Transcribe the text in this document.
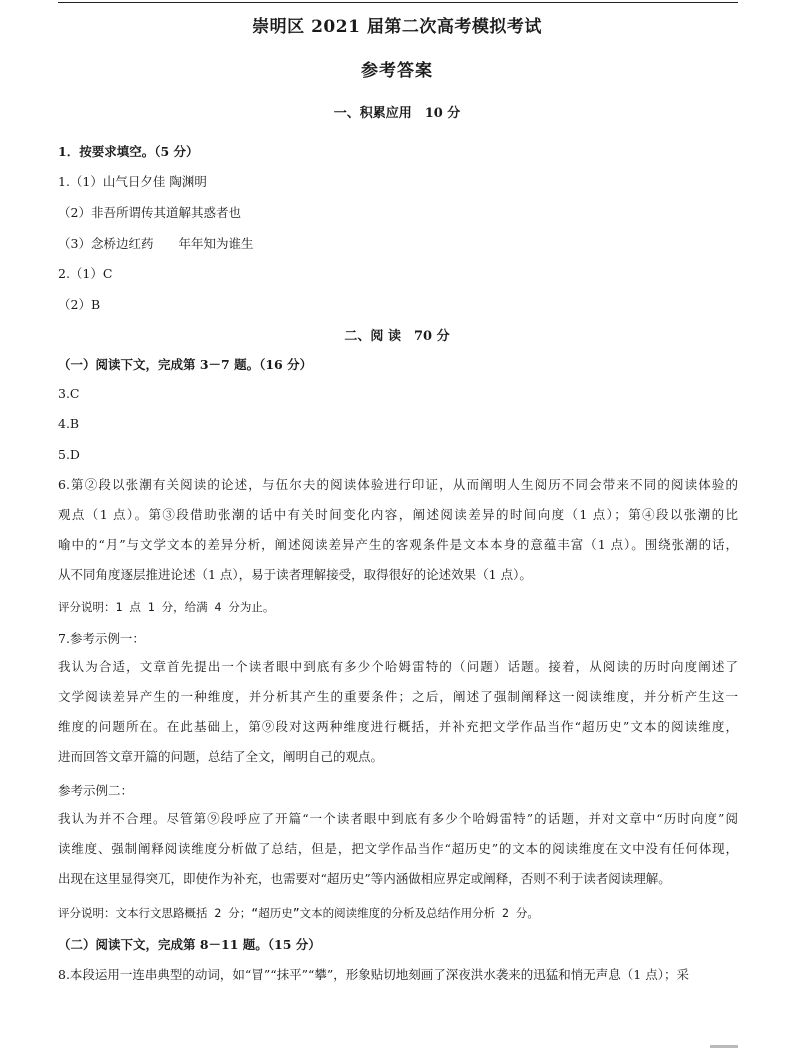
崇明区 2021 届第二次高考模拟考试
参考答案
一、积累应用　10 分
1．按要求填空。（5 分）
1.（1）山气日夕佳 陶渊明
（2）非吾所谓传其道解其惑者也
（3）念桥边红药　　年年知为谁生
2.（1）C
（2）B
二、阅 读　70 分
（一）阅读下文，完成第 3－7 题。（16 分）
3.C
4.B
5.D
6.第②段以张潮有关阅读的论述，与伍尔夫的阅读体验进行印证，从而阐明人生阅历不同会带来不同的阅读体验的
观点（1 点）。第③段借助张潮的话中有关时间变化内容，阐述阅读差异的时间向度（1 点）；第④段以张潮的比
喻中的“月”与文学文本的差异分析，阐述阅读差异产生的客观条件是文本本身的意蕴丰富（1 点）。围绕张潮的话，
从不同角度逐层推进论述（1 点），易于读者理解接受，取得很好的论述效果（1 点）。
评分说明：1 点 1 分，给满 4 分为止。
7.参考示例一：
我认为合适，文章首先提出一个读者眼中到底有多少个哈姆雷特的（问题）话题。接着，从阅读的历时向度阐述了
文学阅读差异产生的一种维度，并分析其产生的重要条件；之后，阐述了强制阐释这一阅读维度，并分析产生这一
维度的问题所在。在此基础上，第⑨段对这两种维度进行概括，并补充把文学作品当作“超历史”文本的阅读维度，
进而回答文章开篇的问题，总结了全文，阐明自己的观点。
参考示例二：
我认为并不合理。尽管第⑨段呼应了开篇“一个读者眼中到底有多少个哈姆雷特”的话题，并对文章中“历时向度”阅
读维度、强制阐释阅读维度分析做了总结，但是，把文学作品当作“超历史”的文本的阅读维度在文中没有任何体现，
出现在这里显得突兀，即使作为补充，也需要对“超历史”等内涵做相应界定或阐释，否则不利于读者阅读理解。
评分说明：文本行文思路概括 2 分；“超历史”文本的阅读维度的分析及总结作用分析 2 分。
（二）阅读下文，完成第 8－11 题。（15 分）
8.本段运用一连串典型的动词，如“冒”“抹平”“攀”，形象贴切地刻画了深夜洪水袭来的迅猛和悄无声息（1 点）；采
